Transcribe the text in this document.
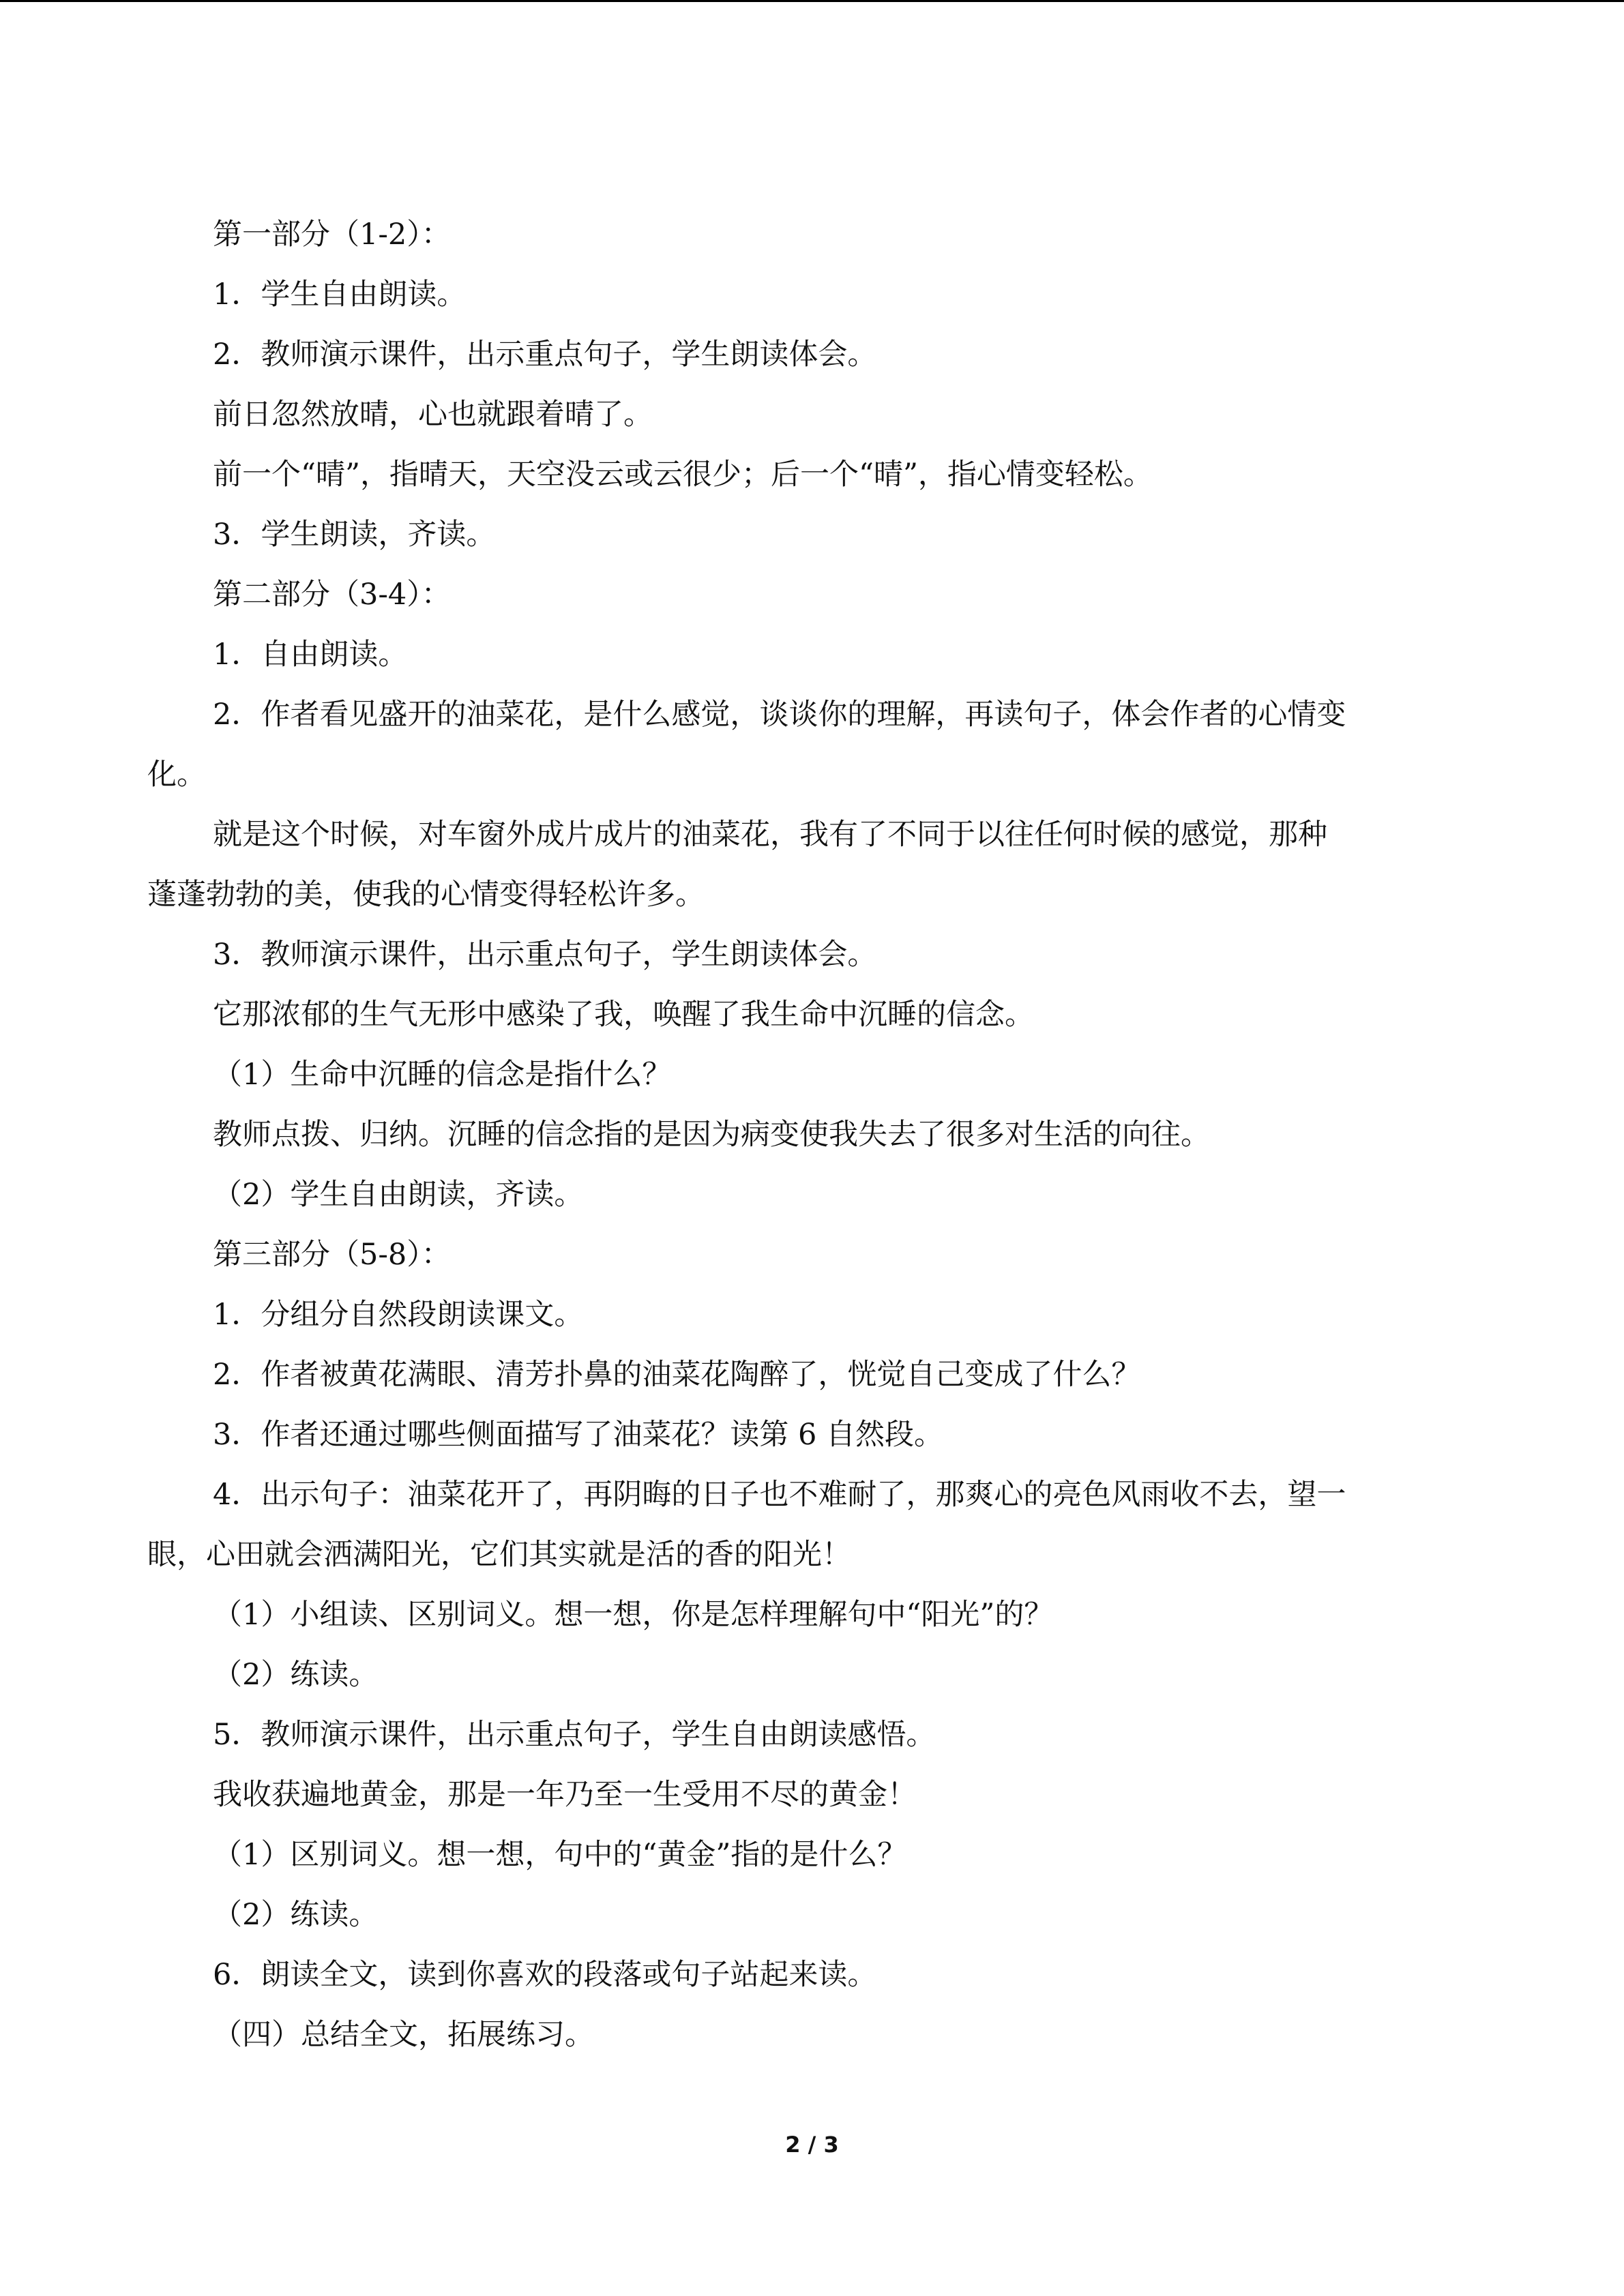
第一部分（1-2）：

1．学生自由朗读。

2．教师演示课件，出示重点句子，学生朗读体会。

前日忽然放晴，心也就跟着晴了。

前一个“晴”，指晴天，天空没云或云很少；后一个“晴”，指心情变轻松。

3．学生朗读，齐读。

第二部分（3-4）：

1．自由朗读。

2．作者看见盛开的油菜花，是什么感觉，谈谈你的理解，再读句子，体会作者的心情变

化。

就是这个时候，对车窗外成片成片的油菜花，我有了不同于以往任何时候的感觉，那种

蓬蓬勃勃的美，使我的心情变得轻松许多。

3．教师演示课件，出示重点句子，学生朗读体会。

它那浓郁的生气无形中感染了我，唤醒了我生命中沉睡的信念。

（1）生命中沉睡的信念是指什么？

教师点拨、归纳。沉睡的信念指的是因为病变使我失去了很多对生活的向往。

（2）学生自由朗读，齐读。

第三部分（5-8）：

1．分组分自然段朗读课文。

2．作者被黄花满眼、清芳扑鼻的油菜花陶醉了，恍觉自己变成了什么？

3．作者还通过哪些侧面描写了油菜花？读第 6 自然段。

4．出示句子：油菜花开了，再阴晦的日子也不难耐了，那爽心的亮色风雨收不去，望一

眼，心田就会洒满阳光，它们其实就是活的香的阳光！

（1）小组读、区别词义。想一想，你是怎样理解句中“阳光”的？

（2）练读。

5．教师演示课件，出示重点句子，学生自由朗读感悟。

我收获遍地黄金，那是一年乃至一生受用不尽的黄金！

（1）区别词义。想一想，句中的“黄金”指的是什么？

（2）练读。

6．朗读全文，读到你喜欢的段落或句子站起来读。

（四）总结全文，拓展练习。

2 / 3
